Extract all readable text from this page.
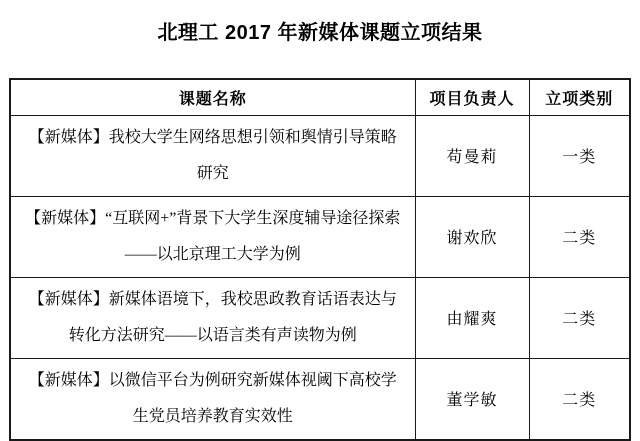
北理工 2017 年新媒体课题立项结果
课题名称	项目负责人	立项类别
【新媒体】我校大学生网络思想引领和舆情引导策略研究	苟曼莉	一类
【新媒体】“互联网+”背景下大学生深度辅导途径探索——以北京理工大学为例	谢欢欣	二类
【新媒体】新媒体语境下，我校思政教育话语表达与转化方法研究——以语言类有声读物为例	由耀爽	二类
【新媒体】以微信平台为例研究新媒体视阈下高校学生党员培养教育实效性	董学敏	二类
